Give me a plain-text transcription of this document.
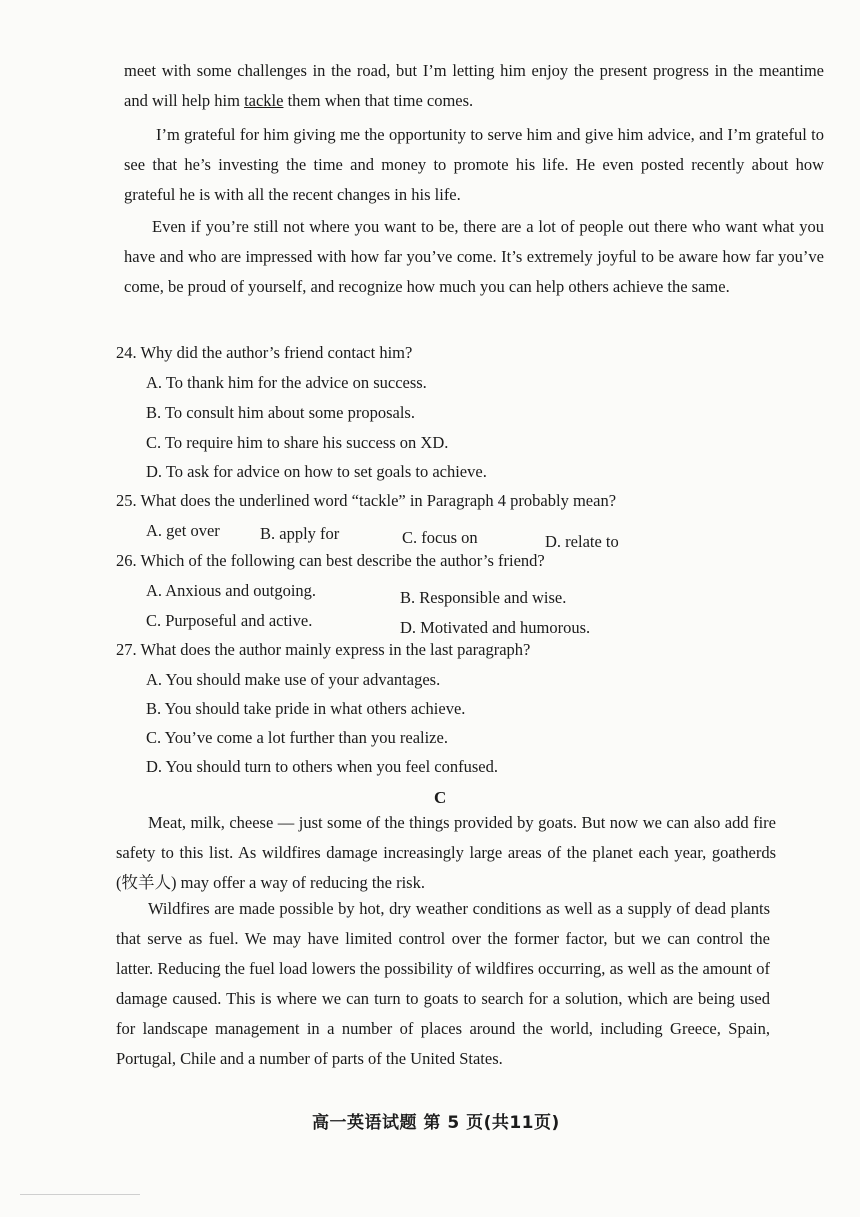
meet with some challenges in the road, but I’m letting him enjoy the present progress in the meantime and will help him tackle them when that time comes.

I’m grateful for him giving me the opportunity to serve him and give him advice, and I’m grateful to see that he’s investing the time and money to promote his life. He even posted recently about how grateful he is with all the recent changes in his life.

Even if you’re still not where you want to be, there are a lot of people out there who want what you have and who are impressed with how far you’ve come. It’s extremely joyful to be aware how far you’ve come, be proud of yourself, and recognize how much you can help others achieve the same.

24. Why did the author’s friend contact him?
A. To thank him for the advice on success.
B. To consult him about some proposals.
C. To require him to share his success on XD.
D. To ask for advice on how to set goals to achieve.
25. What does the underlined word “tackle” in Paragraph 4 probably mean?
A. get over B. apply for	C. focus on	D. relate to
26. Which of the following can best describe the author’s friend?
A. Anxious and outgoing.	B. Responsible and wise.
C. Purposeful and active.	D. Motivated and humorous.
27. What does the author mainly express in the last paragraph?
A. You should make use of your advantages.
B. You should take pride in what others achieve.
C. You’ve come a lot further than you realize.
D. You should turn to others when you feel confused.
C

Meat, milk, cheese — just some of the things provided by goats. But now we can also add fire safety to this list. As wildfires damage increasingly large areas of the planet each year, goatherds (牧羊人) may offer a way of reducing the risk.

Wildfires are made possible by hot, dry weather conditions as well as a supply of dead plants that serve as fuel. We may have limited control over the former factor, but we can control the latter. Reducing the fuel load lowers the possibility of wildfires occurring, as well as the amount of damage caused. This is where we can turn to goats to search for a solution, which are being used for landscape management in a number of places around the world, including Greece, Spain, Portugal, Chile and a number of parts of the United States.

高一英语试题 第 5 页(共11页)
